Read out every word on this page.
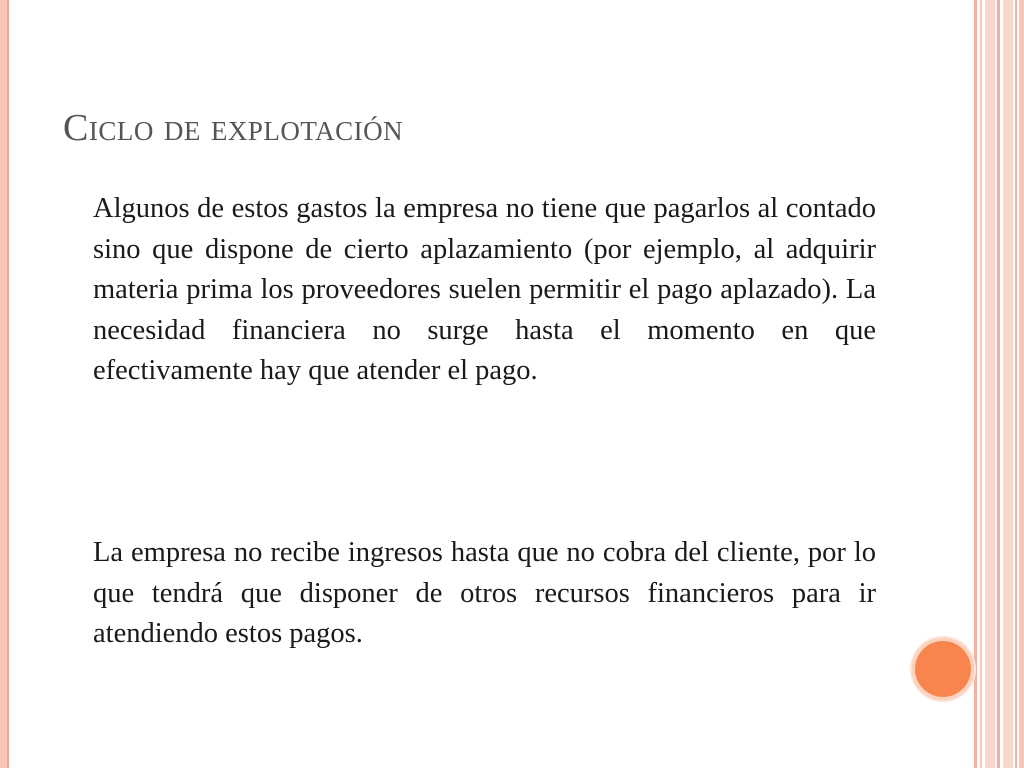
Ciclo de explotación

Algunos de estos gastos la empresa no tiene que pagarlos al contado sino que dispone de cierto aplazamiento (por ejemplo, al adquirir materia prima los proveedores suelen permitir el pago aplazado). La necesidad financiera no surge hasta el momento en que efectivamente hay que atender el pago.

La empresa no recibe ingresos hasta que no cobra del cliente, por lo que tendrá que disponer de otros recursos financieros para ir atendiendo estos pagos.
